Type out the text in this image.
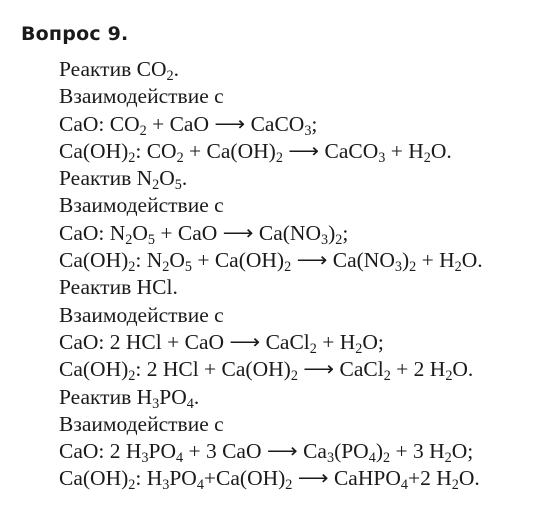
Вопрос 9.
Реактив $CO_2$.
Взаимодействие с
CaO: $CO_2$ + CaO ⟶ CaCO$_3$;
$Ca(OH)_2$: $CO_2 + Ca(OH)_2$ ⟶ CaCO$_3$ + $H_2O$.
Реактив $N_2O_5$.
Взаимодействие с
CaO: $N_2O_5$ + CaO ⟶ $Ca(NO_3)_2$;
$Ca(OH)_2$: $N_2O_5 + Ca(OH)_2$ ⟶ $Ca(NO_3)_2 + H_2O$.
Реактив HCl.
Взаимодействие с
CaO: 2 HCl + CaO ⟶ CaCl$_2$ + $H_2O$;
$Ca(OH)_2$: 2 HCl + $Ca(OH)_2$ ⟶ CaCl$_2$ + 2 $H_2O$.
Реактив $H_3PO_4$.
Взаимодействие с
CaO: 2 $H_3PO_4 + 3$ CaO ⟶ $Ca_3(PO_4)_2 + 3$ $H_2O$;
$Ca(OH)_2$: $H_3PO_4+Ca(OH)_2$ ⟶ CaHPO$_4$+2 $H_2O$.
